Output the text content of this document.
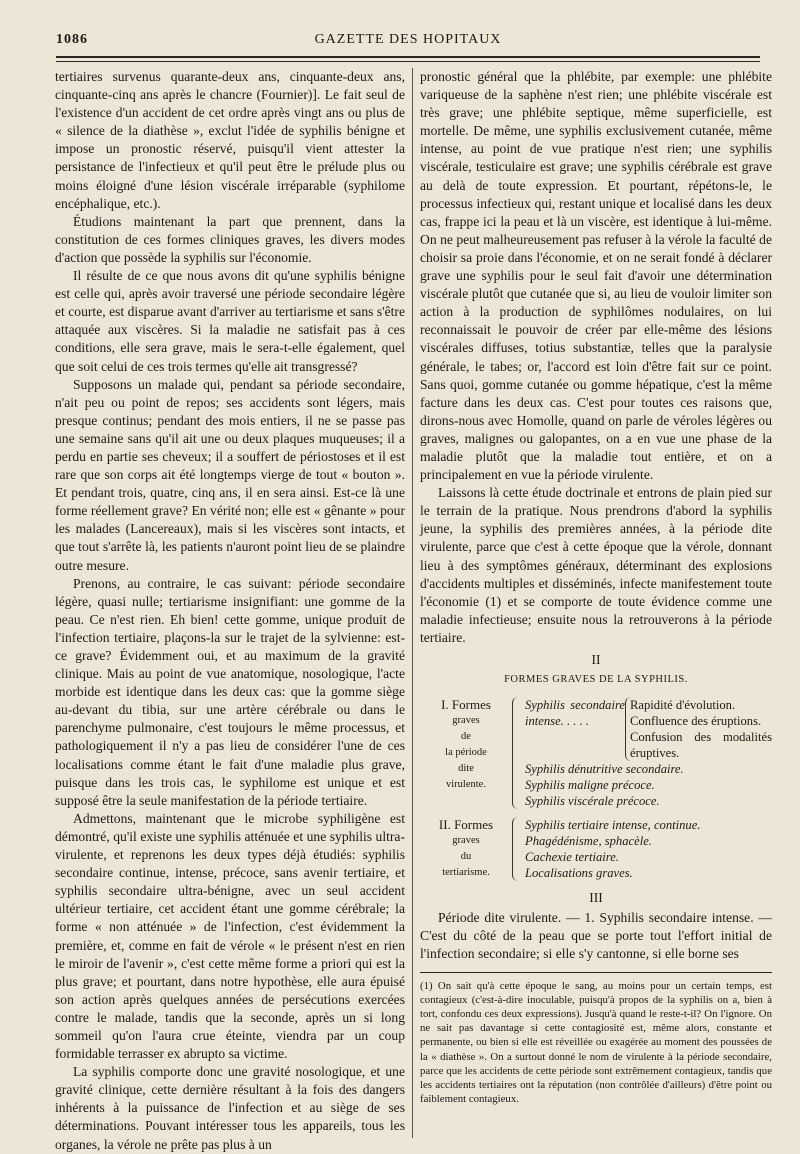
1086	GAZETTE DES HOPITAUX

tertiaires survenus quarante-deux ans, cinquante-deux ans, cinquante-cinq ans après le chancre (Fournier)]. Le fait seul de l'existence d'un accident de cet ordre après vingt ans ou plus de « silence de la diathèse », exclut l'idée de syphilis bénigne et impose un pronostic réservé, puisqu'il vient attester la persistance de l'infectieux et qu'il peut être le prélude plus ou moins éloigné d'une lésion viscérale irréparable (syphilome encéphalique, etc.).

Étudions maintenant la part que prennent, dans la constitution de ces formes cliniques graves, les divers modes d'action que possède la syphilis sur l'économie.

Il résulte de ce que nous avons dit qu'une syphilis bénigne est celle qui, après avoir traversé une période secondaire légère et courte, est disparue avant d'arriver au tertiarisme et sans s'être attaquée aux viscères. Si la maladie ne satisfait pas à ces conditions, elle sera grave, mais le sera-t-elle également, quel que soit celui de ces trois termes qu'elle ait transgressé?

Supposons un malade qui, pendant sa période secondaire, n'ait peu ou point de repos; ses accidents sont légers, mais presque continus; pendant des mois entiers, il ne se passe pas une semaine sans qu'il ait une ou deux plaques muqueuses; il a perdu en partie ses cheveux; il a souffert de périostoses et il est rare que son corps ait été longtemps vierge de tout « bouton ». Et pendant trois, quatre, cinq ans, il en sera ainsi. Est-ce là une forme réellement grave? En vérité non; elle est « gênante » pour les malades (Lancereaux), mais si les viscères sont intacts, et que tout s'arrête là, les patients n'auront point lieu de se plaindre outre mesure.

Prenons, au contraire, le cas suivant: période secondaire légère, quasi nulle; tertiarisme insignifiant: une gomme de la peau. Ce n'est rien. Eh bien! cette gomme, unique produit de l'infection tertiaire, plaçons-la sur le trajet de la sylvienne: est-ce grave? Évidemment oui, et au maximum de la gravité clinique. Mais au point de vue anatomique, nosologique, l'acte morbide est identique dans les deux cas: que la gomme siège au-devant du tibia, sur une artère cérébrale ou dans le parenchyme pulmonaire, c'est toujours le même processus, et pathologiquement il n'y a pas lieu de considérer l'une de ces localisations comme étant le fait d'une maladie plus grave, puisque dans les trois cas, le syphilome est unique et est supposé être la seule manifestation de la période tertiaire.

Admettons, maintenant que le microbe syphiligène est démontré, qu'il existe une syphilis atténuée et une syphilis ultra-virulente, et reprenons les deux types déjà étudiés: syphilis secondaire continue, intense, précoce, sans avenir tertiaire, et syphilis secondaire ultra-bénigne, avec un seul accident ultérieur tertiaire, cet accident étant une gomme cérébrale; la forme « non atténuée » de l'infection, c'est évidemment la première, et, comme en fait de vérole « le présent n'est en rien le miroir de l'avenir », c'est cette même forme a priori qui est la plus grave; et pourtant, dans notre hypothèse, elle aura épuisé son action après quelques années de persécutions exercées contre le malade, tandis que la seconde, après un si long sommeil qu'on l'aura crue éteinte, viendra par un coup formidable terrasser ex abrupto sa victime.

La syphilis comporte donc une gravité nosologique, et une gravité clinique, cette dernière résultant à la fois des dangers inhérents à la puissance de l'infection et au siège de ses déterminations. Pouvant intéresser tous les appareils, tous les organes, la vérole ne prête pas plus à un

pronostic général que la phlébite, par exemple: une phlébite variqueuse de la saphène n'est rien; une phlébite viscérale est très grave; une phlébite septique, même superficielle, est mortelle. De même, une syphilis exclusivement cutanée, même intense, au point de vue pratique n'est rien; une syphilis viscérale, testiculaire est grave; une syphilis cérébrale est grave au delà de toute expression. Et pourtant, répétons-le, le processus infectieux qui, restant unique et localisé dans les deux cas, frappe ici la peau et là un viscère, est identique à lui-même. On ne peut malheureusement pas refuser à la vérole la faculté de choisir sa proie dans l'économie, et on ne serait fondé à déclarer grave une syphilis pour le seul fait d'avoir une détermination viscérale plutôt que cutanée que si, au lieu de vouloir limiter son action à la production de syphilômes nodulaires, on lui reconnaissait le pouvoir de créer par elle-même des lésions viscérales diffuses, totius substantiæ, telles que la paralysie générale, le tabes; or, l'accord est loin d'être fait sur ce point. Sans quoi, gomme cutanée ou gomme hépatique, c'est la même facture dans les deux cas. C'est pour toutes ces raisons que, dirons-nous avec Homolle, quand on parle de véroles légères ou graves, malignes ou galopantes, on a en vue une phase de la maladie plutôt que la maladie tout entière, et on a principalement en vue la période virulente.

Laissons là cette étude doctrinale et entrons de plain pied sur le terrain de la pratique. Nous prendrons d'abord la syphilis jeune, la syphilis des premières années, à la période dite virulente, parce que c'est à cette époque que la vérole, donnant lieu à des symptômes généraux, déterminant des explosions d'accidents multiples et disséminés, infecte manifestement toute l'économie (1) et se comporte de toute évidence comme une maladie infectieuse; ensuite nous la retrouverons à la période tertiaire.

II

FORMES GRAVES DE LA SYPHILIS.

I. Formes
graves
de
la période
dite
virulente.
Syphilis secondaire intense. . . . .
Rapidité d'évolution.
Confluence des éruptions.
Confusion des modalités éruptives.
Syphilis dénutritive secondaire.
Syphilis maligne précoce.
Syphilis viscérale précoce.
II. Formes
graves
du
tertiarisme.
Syphilis tertiaire intense, continue.
Phagédénisme, sphacèle.
Cachexie tertiaire.
Localisations graves.

III

Période dite virulente. — 1. Syphilis secondaire intense. — C'est du côté de la peau que se porte tout l'effort initial de l'infection secondaire; si elle s'y cantonne, si elle borne ses

(1) On sait qu'à cette époque le sang, au moins pour un certain temps, est contagieux (c'est-à-dire inoculable, puisqu'à propos de la syphilis on a, bien à tort, confondu ces deux expressions). Jusqu'à quand le reste-t-il? On l'ignore. On ne sait pas davantage si cette contagiosité est, même alors, constante et permanente, ou bien si elle est réveillée ou exagérée au moment des poussées de la « diathèse ». On a surtout donné le nom de virulente à la période secondaire, parce que les accidents de cette période sont extrêmement contagieux, tandis que les accidents tertiaires ont la réputation (non contrôlée d'ailleurs) d'être point ou faiblement contagieux.
